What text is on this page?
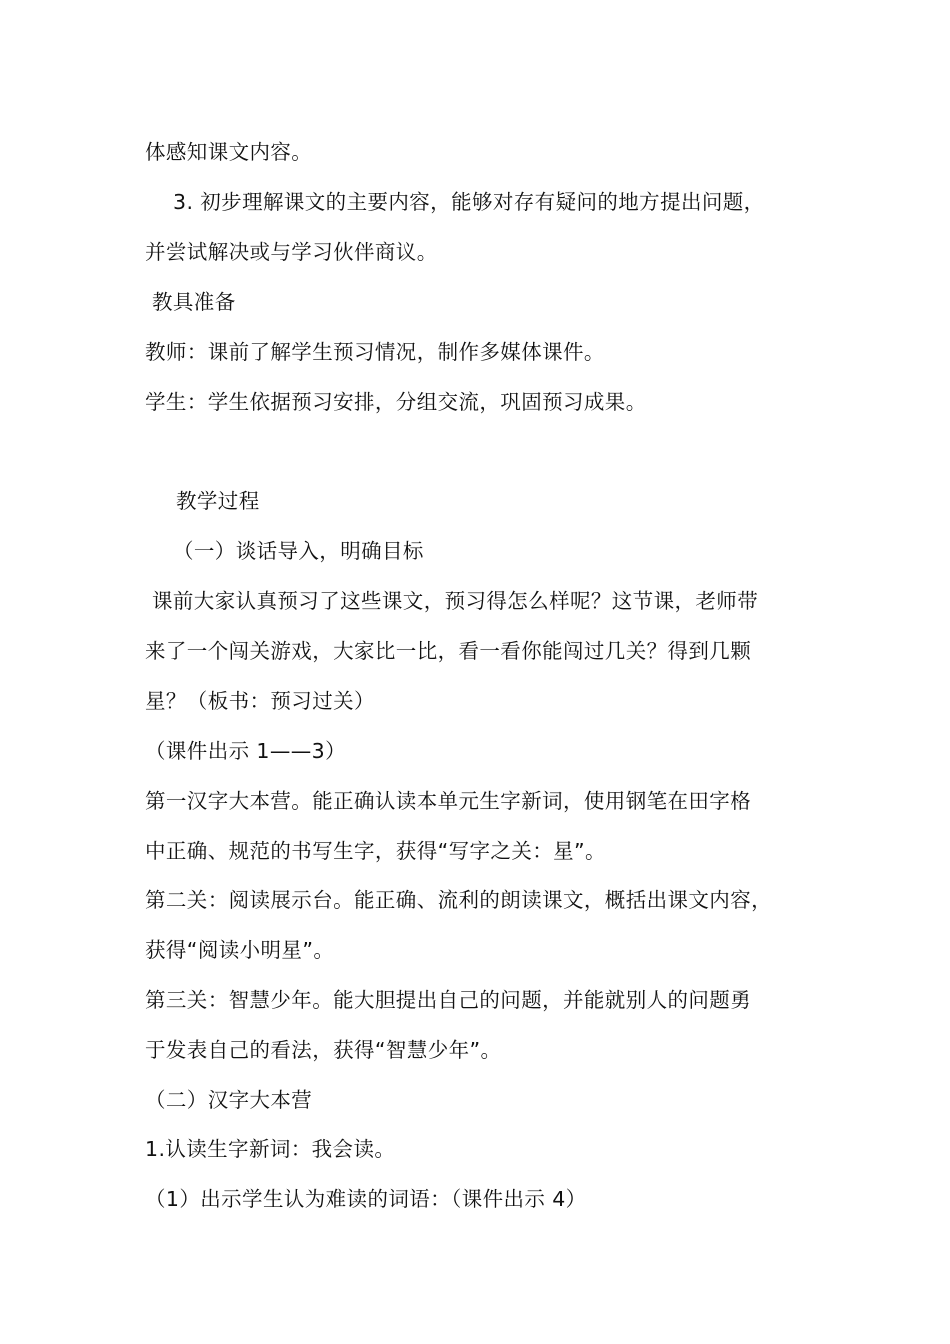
体感知课文内容。
3. 初步理解课文的主要内容，能够对存有疑问的地方提出问题，
并尝试解决或与学习伙伴商议。
教具准备
教师：课前了解学生预习情况，制作多媒体课件。
学生：学生依据预习安排，分组交流，巩固预习成果。
教学过程
（一）谈话导入，明确目标
课前大家认真预习了这些课文，预习得怎么样呢？这节课，老师带
来了一个闯关游戏，大家比一比，看一看你能闯过几关？得到几颗
星？（板书：预习过关）
（课件出示 1——3）
第一汉字大本营。能正确认读本单元生字新词，使用钢笔在田字格
中正确、规范的书写生字，获得“写字之关：星”。
第二关：阅读展示台。能正确、流利的朗读课文，概括出课文内容，
获得“阅读小明星”。
第三关：智慧少年。能大胆提出自己的问题，并能就别人的问题勇
于发表自己的看法，获得“智慧少年”。
（二）汉字大本营
1.认读生字新词：我会读。
（1）出示学生认为难读的词语：（课件出示 4）
